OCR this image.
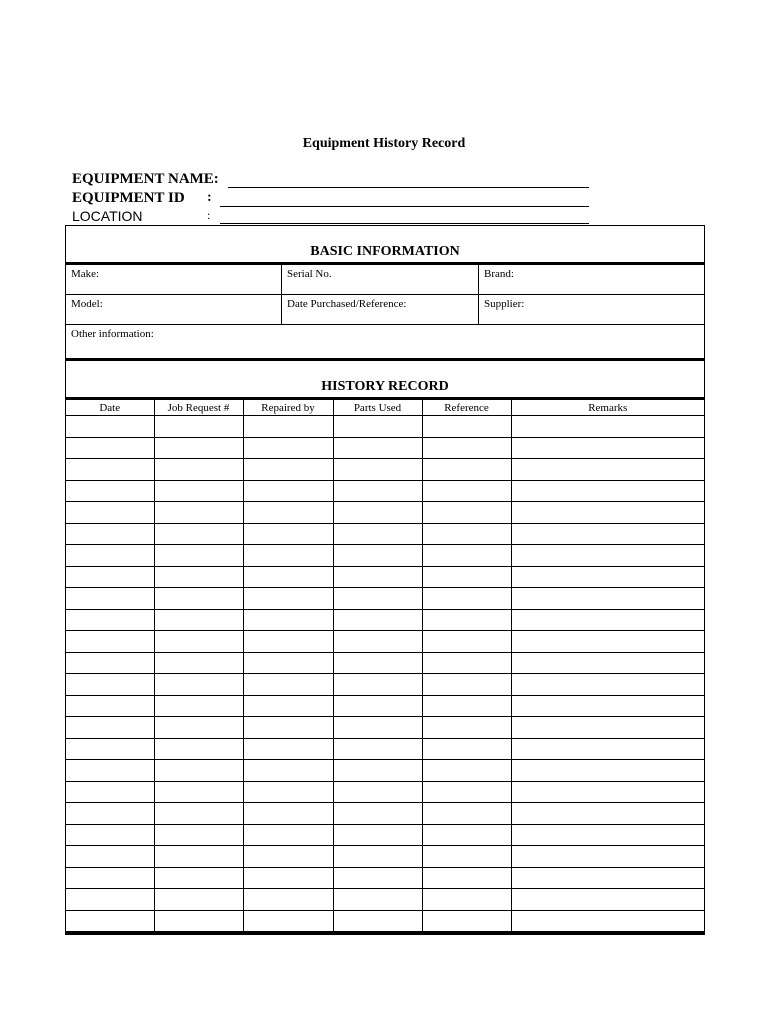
Equipment History Record
EQUIPMENT NAME:
EQUIPMENT ID :
LOCATION	:
BASIC INFORMATION
Make:	Serial No.	Brand:
Model:	Date Purchased/Reference:	Supplier:
Other information:
HISTORY RECORD
Date	Job Request #	Repaired by	Parts Used	Reference	Remarks
